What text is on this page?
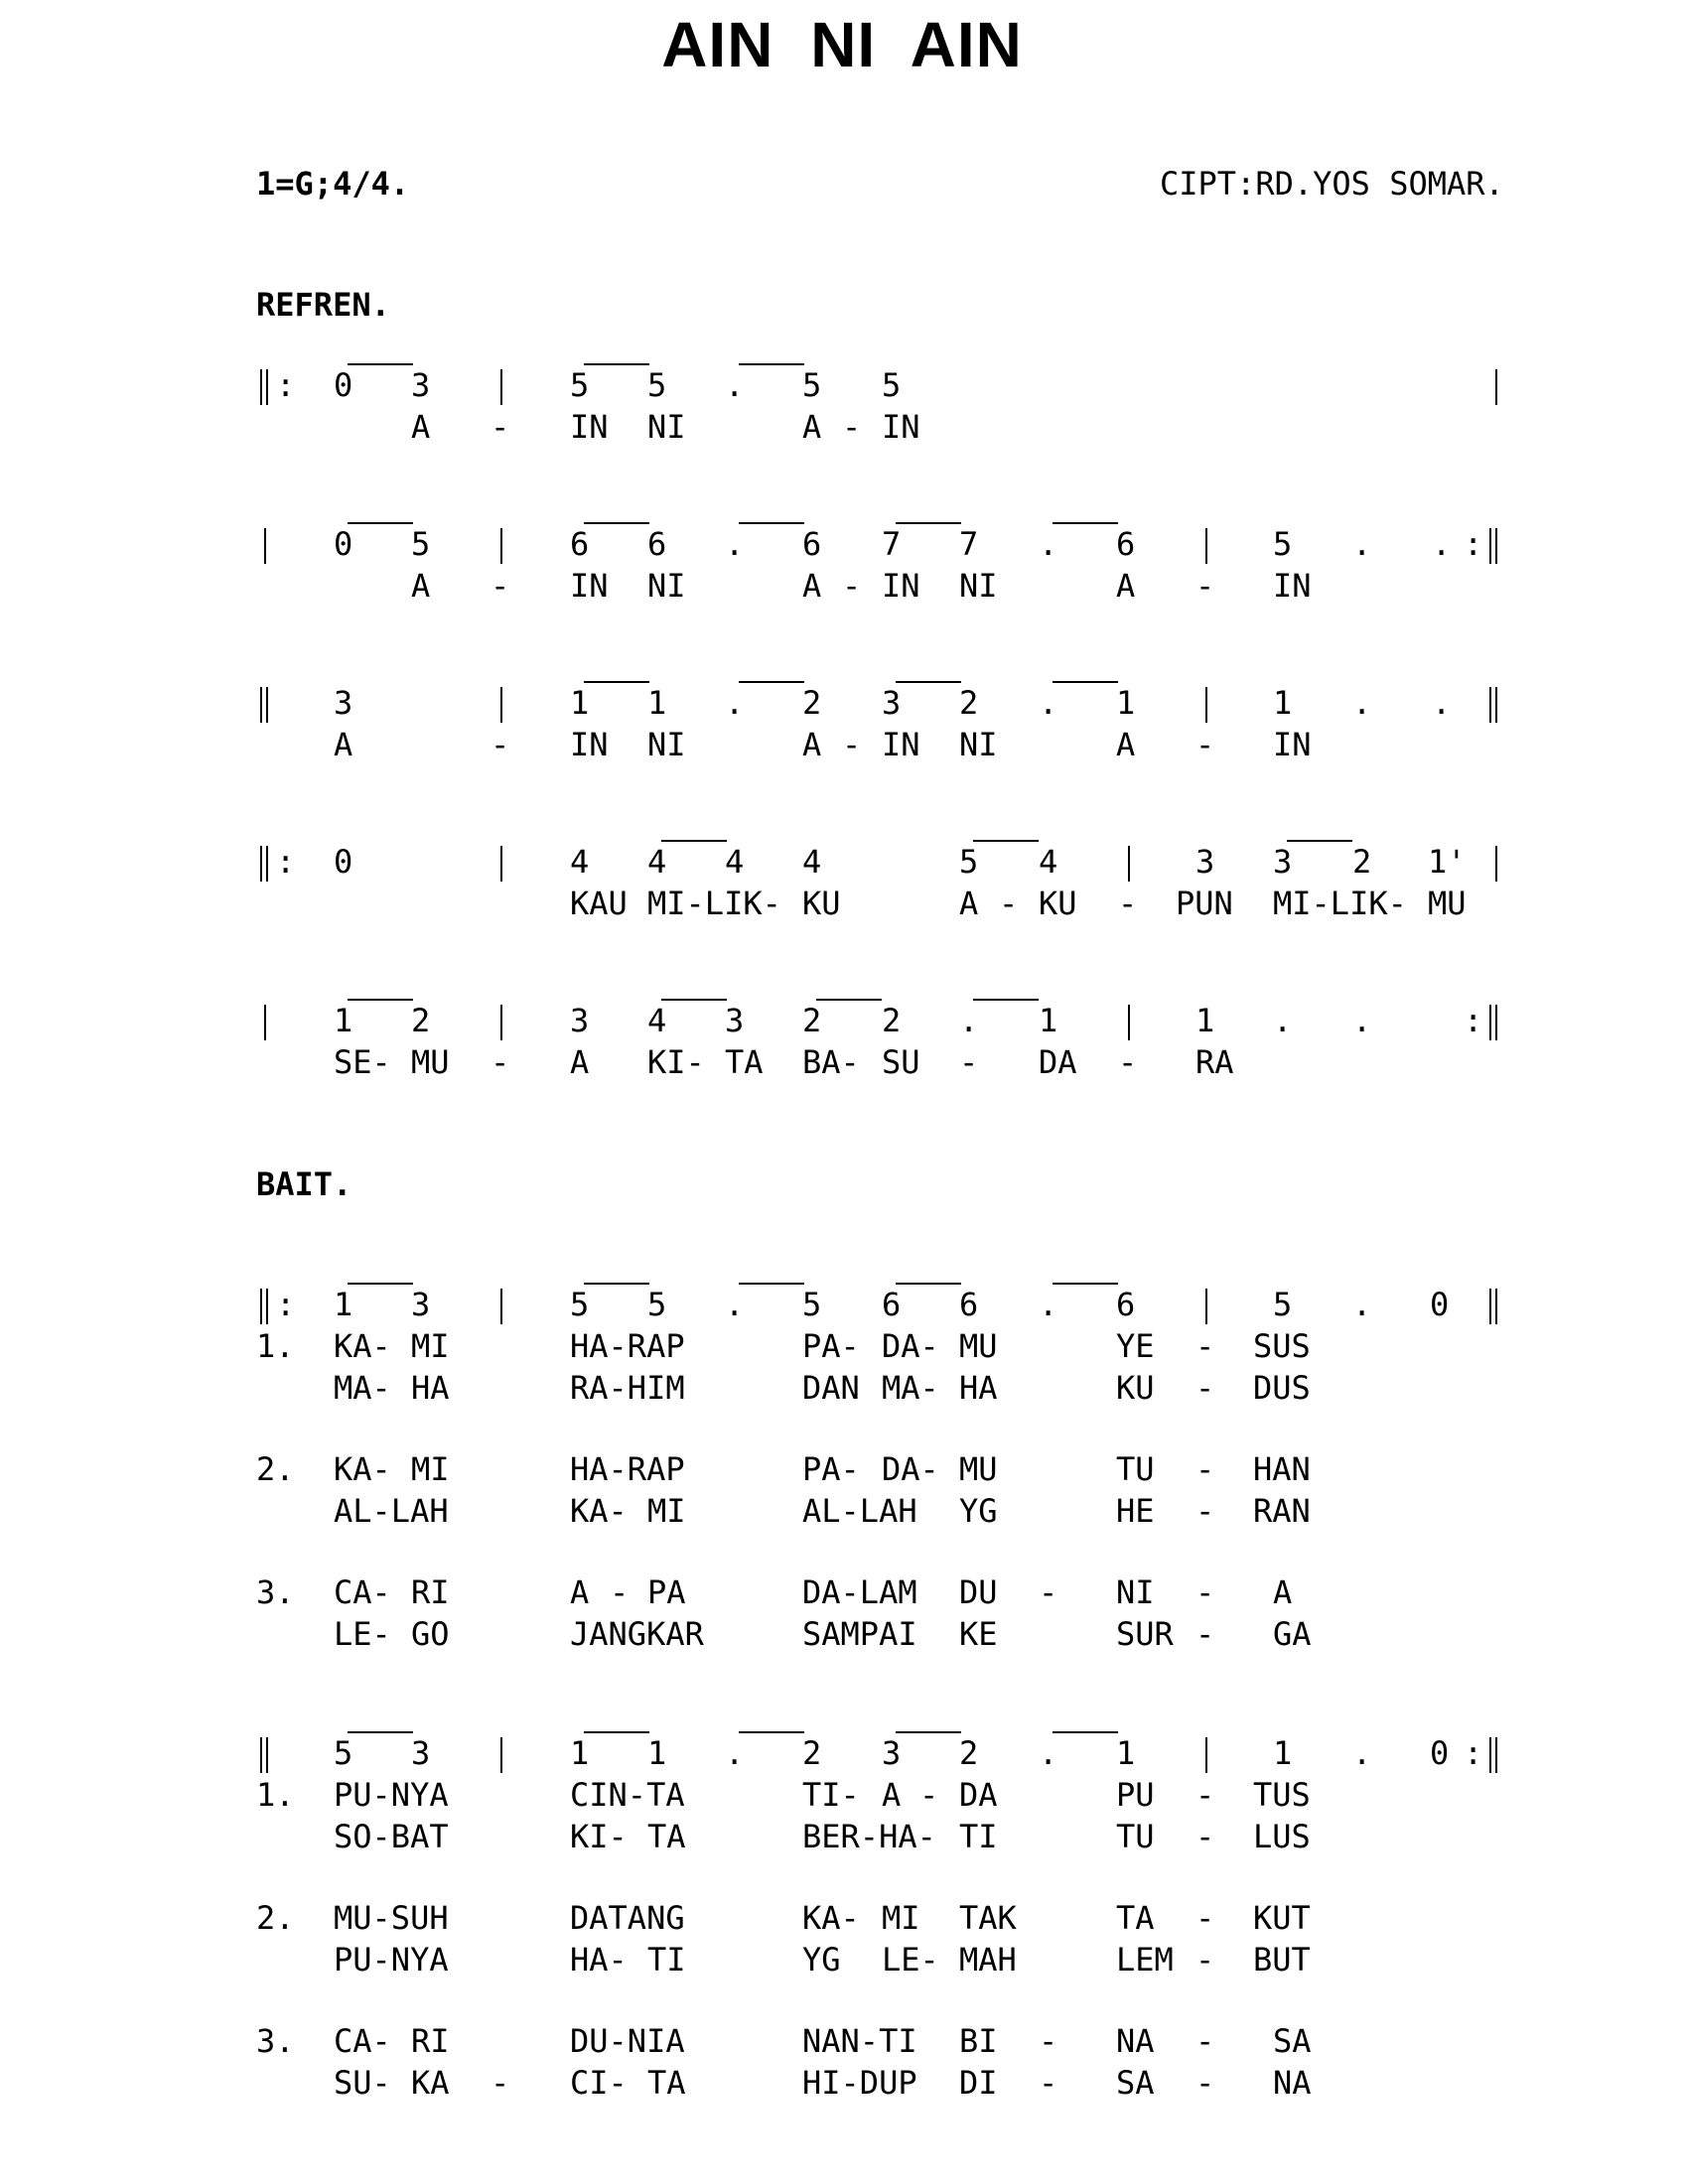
AIN NI AIN
1=G;4/4.	CIPT:RD.YOS SOMAR.
REFREN.
: 0 3	5 5 . 5 5
A - IN NI	A - IN
0 5	6 6 . 6 7 7 . 6	5 . . :
A - IN NI	A - IN NI	A - IN
3	1 1 . 2 3 2 . 1	1 . .
A	- IN NI	A - IN NI	A - IN
: 0	4 4 4 4	5 4	3 3 2 1'
KAU MI-LIK- KU	A - KU - PUN MI-LIK- MU
1 2	3 4 3 2 2 . 1	1 . .	:
SE- MU - A KI- TA BA- SU - DA - RA
BAIT.
: 1 3	5 5 . 5 6 6 . 6	5 . 0
1. KA- MI	HA-RAP	PA- DA- MU	YE - SUS
MA- HA	RA-HIM	DAN MA- HA	KU - DUS
2. KA- MI	HA-RAP	PA- DA- MU	TU - HAN
AL-LAH	KA- MI	AL-LAH YG	HE - RAN
3. CA- RI	A - PA	DA-LAM DU - NI - A
LE- GO	JANGKAR	SAMPAI KE	SUR - GA
5 3	1 1 . 2 3 2 . 1	1 . 0 :
1. PU-NYA	CIN-TA	TI- A - DA	PU - TUS
SO-BAT	KI- TA	BER-HA- TI	TU - LUS
2. MU-SUH	DATANG	KA- MI TAK	TA - KUT
PU-NYA	HA- TI	YG LE- MAH	LEM - BUT
3. CA- RI	DU-NIA	NAN-TI BI - NA - SA
SU- KA - CI- TA	HI-DUP DI - SA - NA
